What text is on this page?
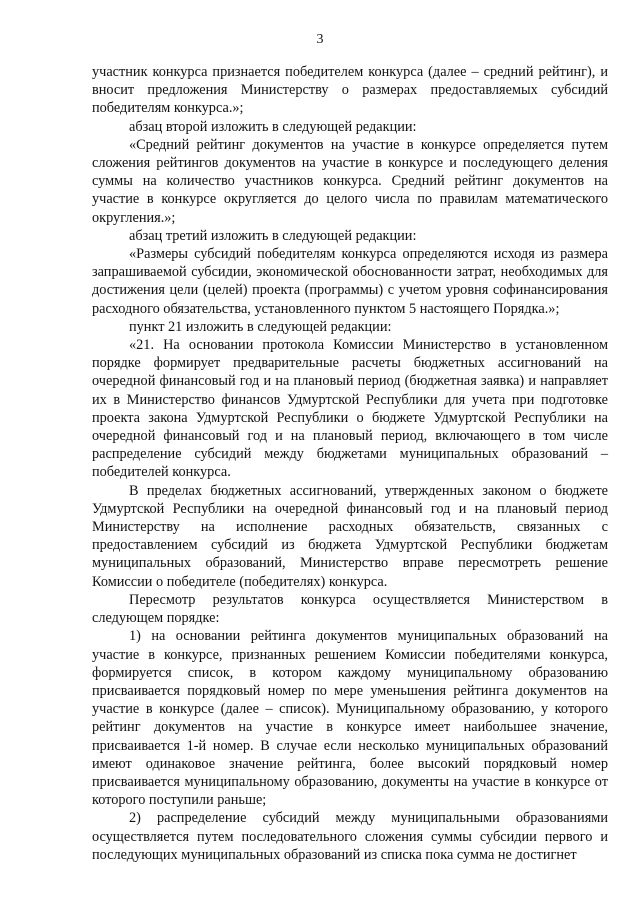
3

участник конкурса признается победителем конкурса (далее – средний рейтинг), и вносит предложения Министерству о размерах предоставляемых субсидий победителям конкурса.»;

абзац второй изложить в следующей редакции:

«Средний рейтинг документов на участие в конкурсе определяется путем сложения рейтингов документов на участие в конкурсе и последующего деления суммы на количество участников конкурса. Средний рейтинг документов на участие в конкурсе округляется до целого числа по правилам математического округления.»;

абзац третий изложить в следующей редакции:

«Размеры субсидий победителям конкурса определяются исходя из размера запрашиваемой субсидии, экономической обоснованности затрат, необходимых для достижения цели (целей) проекта (программы) с учетом уровня софинансирования расходного обязательства, установленного пунктом 5 настоящего Порядка.»;

пункт 21 изложить в следующей редакции:

«21. На основании протокола Комиссии Министерство в установленном порядке формирует предварительные расчеты бюджетных ассигнований на очередной финансовый год и на плановый период (бюджетная заявка) и направляет их в Министерство финансов Удмуртской Республики для учета при подготовке проекта закона Удмуртской Республики о бюджете Удмуртской Республики на очередной финансовый год и на плановый период, включающего в том числе распределение субсидий между бюджетами муниципальных образований – победителей конкурса.

В пределах бюджетных ассигнований, утвержденных законом о бюджете Удмуртской Республики на очередной финансовый год и на плановый период Министерству на исполнение расходных обязательств, связанных с предоставлением субсидий из бюджета Удмуртской Республики бюджетам муниципальных образований, Министерство вправе пересмотреть решение Комиссии о победителе (победителях) конкурса.

Пересмотр результатов конкурса осуществляется Министерством в следующем порядке:

1) на основании рейтинга документов муниципальных образований на участие в конкурсе, признанных решением Комиссии победителями конкурса, формируется список, в котором каждому муниципальному образованию присваивается порядковый номер по мере уменьшения рейтинга документов на участие в конкурсе (далее – список). Муниципальному образованию, у которого рейтинг документов на участие в конкурсе имеет наибольшее значение, присваивается 1-й номер. В случае если несколько муниципальных образований имеют одинаковое значение рейтинга, более высокий порядковый номер присваивается муниципальному образованию, документы на участие в конкурсе от которого поступили раньше;

2) распределение субсидий между муниципальными образованиями осуществляется путем последовательного сложения суммы субсидии первого и последующих муниципальных образований из списка пока сумма не достигнет
